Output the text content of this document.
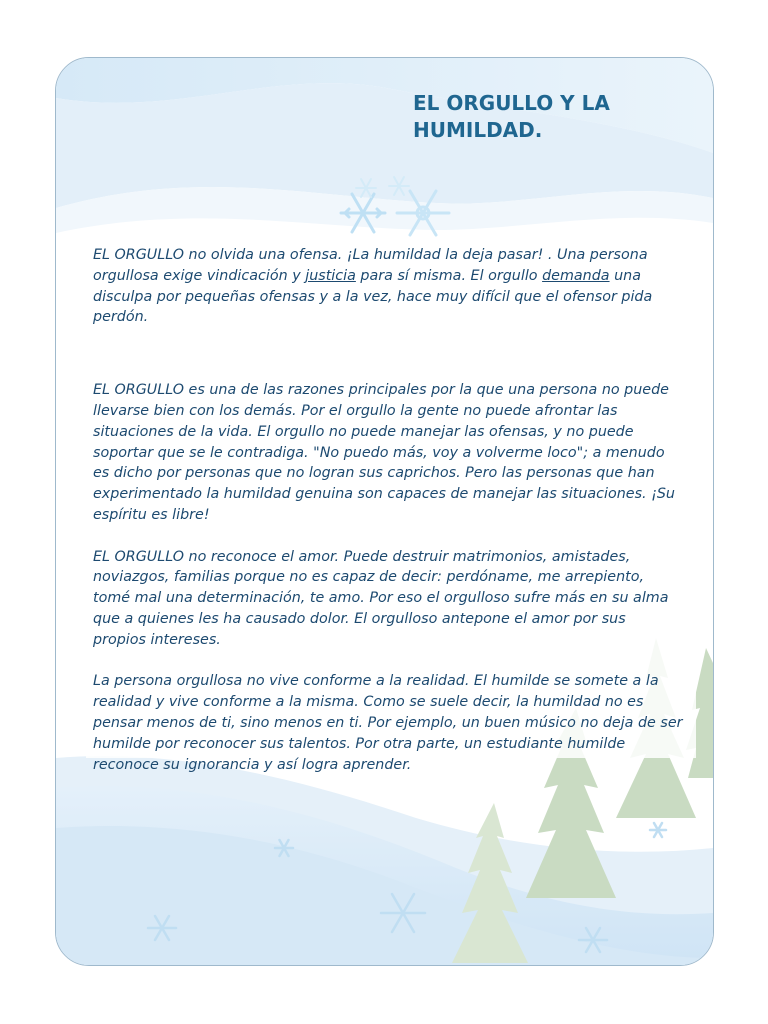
EL ORGULLO Y LA
HUMILDAD.

EL ORGULLO no olvida una ofensa. ¡La humildad la deja pasar! . Una persona orgullosa exige vindicación y justicia para sí misma. El orgullo demanda una disculpa por pequeñas ofensas y a la vez, hace muy difícil que el ofensor pida perdón.

EL ORGULLO es una de las razones principales por la que una persona no puede llevarse bien con los demás. Por el orgullo la gente no puede afrontar las situaciones de la vida. El orgullo no puede manejar las ofensas, y no puede soportar que se le contradiga. "No puedo más, voy a volverme loco"; a menudo es dicho por personas que no logran sus caprichos. Pero las personas que han experimentado la humildad genuina son capaces de manejar las situaciones. ¡Su espíritu es libre!

EL ORGULLO no reconoce el amor. Puede destruir matrimonios, amistades, noviazgos, familias porque no es capaz de decir: perdóname, me arrepiento, tomé mal una determinación, te amo. Por eso el orgulloso sufre más en su alma que a quienes les ha causado dolor. El orgulloso antepone el amor por sus propios intereses.

La persona orgullosa no vive conforme a la realidad. El humilde se somete a la realidad y vive conforme a la misma. Como se suele decir, la humildad no es pensar menos de ti, sino menos en ti. Por ejemplo, un buen músico no deja de ser humilde por reconocer sus talentos. Por otra parte, un estudiante humilde reconoce su ignorancia y así logra aprender.
